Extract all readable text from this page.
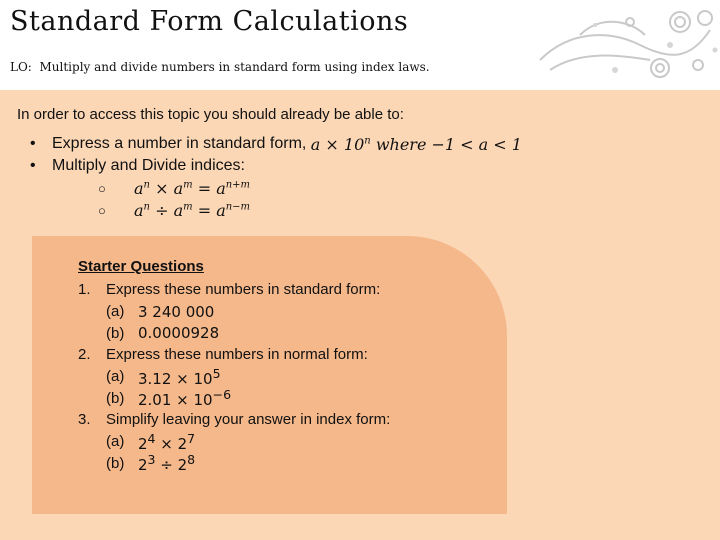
Standard Form Calculations
LO: Multiply and divide numbers in standard form using index laws.
In order to access this topic you should already be able to:
•	Express a number in standard form,
$a \times 10^n$ where −1 < a < 1
•	Multiply and Divide indices:
○	$a^n \times a^m = a^{n+m}$
○	$a^n \div a^m = a^{n-m}$
Starter Questions
1.	Express these numbers in standard form:
(a) 3 240 000
(b) 0.0000928
2.	Express these numbers in normal form:
(a) $3.12 \times 10^5$
(b) $2.01 \times 10^{-6}$
3.	Simplify leaving your answer in index form:
(a) $2^4 \times 2^7$
(b) $2^3 \div 2^8$
